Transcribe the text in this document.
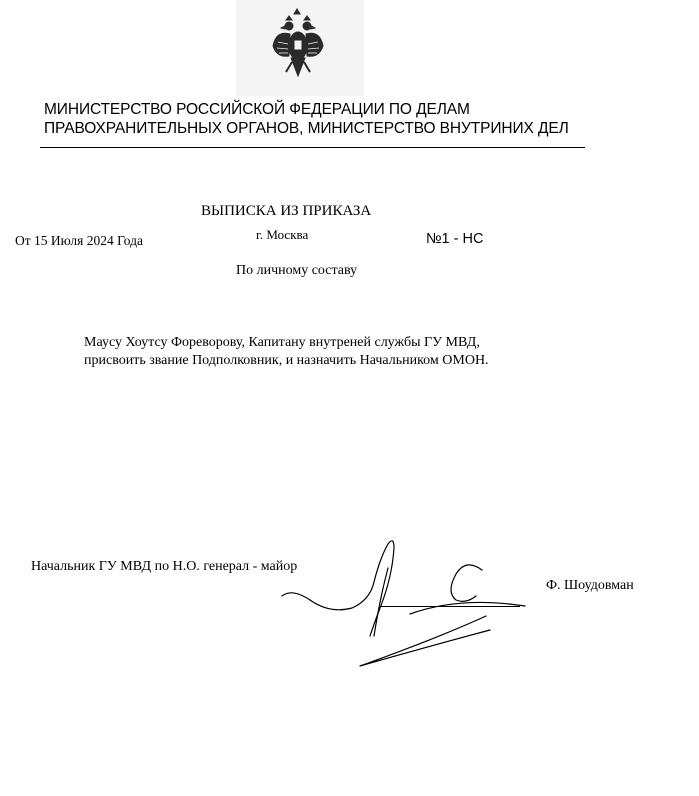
МИНИСТЕРСТВО РОССИЙСКОЙ ФЕДЕРАЦИИ ПО ДЕЛАМ
ПРАВОХРАНИТЕЛЬНЫХ ОРГАНОВ, МИНИСТЕРСТВО ВНУТРИНИХ ДЕЛ
ВЫПИСКА ИЗ ПРИКАЗА
г. Москва
От 15 Июля 2024 Года	№1 - НС
По личному составу
Маусу Хоутсу Фореворову, Капитану внутреней службы ГУ МВД,
присвоить звание Подполковник, и назначить Начальником ОМОН.
Начальник ГУ МВД по Н.О. генерал - майор
Ф. Шоудовман
